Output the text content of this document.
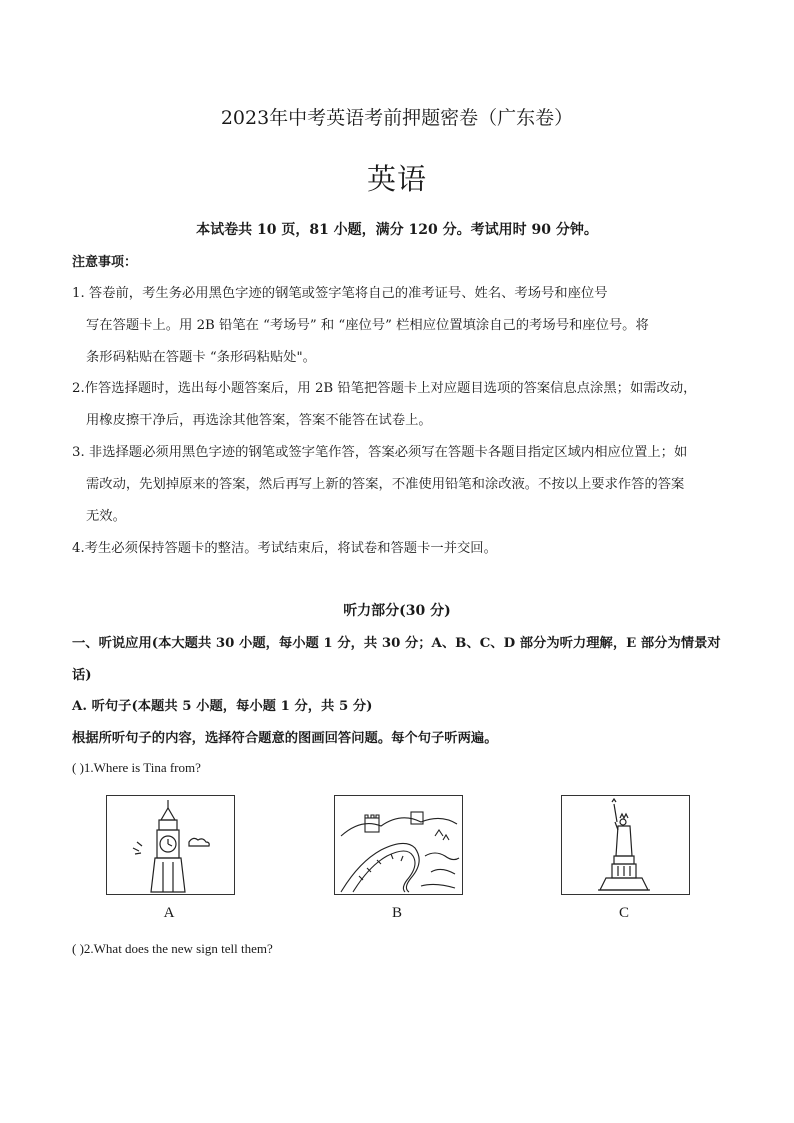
2023年中考英语考前押题密卷（广东卷）
英语
本试卷共 10 页，81 小题，满分 120 分。考试用时 90 分钟。
注意事项：
1. 答卷前，考生务必用黑色字迹的钢笔或签字笔将自己的准考证号、姓名、考场号和座位号
写在答题卡上。用 2B 铅笔在 “考场号” 和 “座位号” 栏相应位置填涂自己的考场号和座位号。将
条形码粘贴在答题卡 “条形码粘贴处"。
2.作答选择题时，选出每小题答案后，用 2B 铅笔把答题卡上对应题目选项的答案信息点涂黑；如需改动，
用橡皮擦干净后，再选涂其他答案，答案不能答在试卷上。
3. 非选择题必须用黑色字迹的钢笔或签字笔作答，答案必须写在答题卡各题目指定区域内相应位置上；如
需改动，先划掉原来的答案，然后再写上新的答案，不准使用铅笔和涂改液。不按以上要求作答的答案
无效。
4.考生必须保持答题卡的整洁。考试结束后，将试卷和答题卡一并交回。
听力部分(30 分)
一、听说应用(本大题共 30 小题，每小题 1 分，共 30 分；A、B、C、D 部分为听力理解，E 部分为情景对
话)
A. 听句子(本题共 5 小题，每小题 1 分，共 5 分)
根据所听句子的内容，选择符合题意的图画回答问题。每个句子听两遍。
( )1.Where is Tina from?
A	B	C
( )2.What does the new sign tell them?
